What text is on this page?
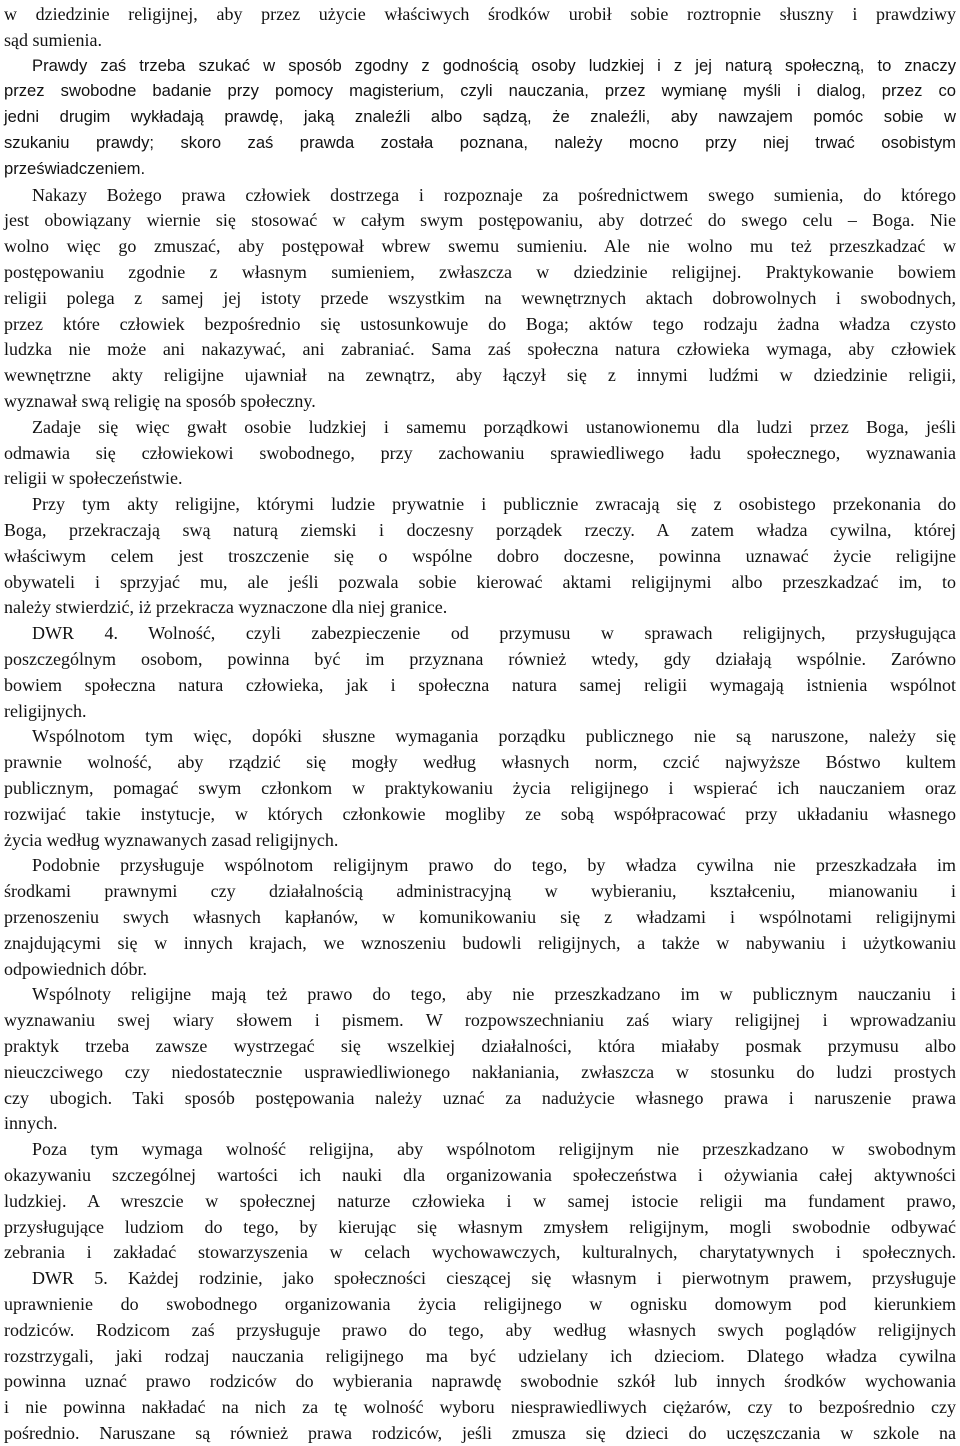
w dziedzinie religijnej, aby przez użycie właściwych środków urobił sobie roztropnie słuszny i prawdziwy
sąd sumienia.
Prawdy zaś trzeba szukać w sposób zgodny z godnością osoby ludzkiej i z jej naturą społeczną, to znaczy
przez swobodne badanie przy pomocy magisterium, czyli nauczania, przez wymianę myśli i dialog, przez co
jedni drugim wykładają prawdę, jaką znaleźli albo sądzą, że znaleźli, aby nawzajem pomóc sobie w
szukaniu prawdy; skoro zaś prawda została poznana, należy mocno przy niej trwać osobistym
przeświadczeniem.
Nakazy Bożego prawa człowiek dostrzega i rozpoznaje za pośrednictwem swego sumienia, do którego
jest obowiązany wiernie się stosować w całym swym postępowaniu, aby dotrzeć do swego celu – Boga. Nie
wolno więc go zmuszać, aby postępował wbrew swemu sumieniu. Ale nie wolno mu też przeszkadzać w
postępowaniu zgodnie z własnym sumieniem, zwłaszcza w dziedzinie religijnej. Praktykowanie bowiem
religii polega z samej jej istoty przede wszystkim na wewnętrznych aktach dobrowolnych i swobodnych,
przez które człowiek bezpośrednio się ustosunkowuje do Boga; aktów tego rodzaju żadna władza czysto
ludzka nie może ani nakazywać, ani zabraniać. Sama zaś społeczna natura człowieka wymaga, aby człowiek
wewnętrzne akty religijne ujawniał na zewnątrz, aby łączył się z innymi ludźmi w dziedzinie religii,
wyznawał swą religię na sposób społeczny.
Zadaje się więc gwałt osobie ludzkiej i samemu porządkowi ustanowionemu dla ludzi przez Boga, jeśli
odmawia się człowiekowi swobodnego, przy zachowaniu sprawiedliwego ładu społecznego, wyznawania
religii w społeczeństwie.
Przy tym akty religijne, którymi ludzie prywatnie i publicznie zwracają się z osobistego przekonania do
Boga, przekraczają swą naturą ziemski i doczesny porządek rzeczy. A zatem władza cywilna, której
właściwym celem jest troszczenie się o wspólne dobro doczesne, powinna uznawać życie religijne
obywateli i sprzyjać mu, ale jeśli pozwala sobie kierować aktami religijnymi albo przeszkadzać im, to
należy stwierdzić, iż przekracza wyznaczone dla niej granice.
DWR 4. Wolność, czyli zabezpieczenie od przymusu w sprawach religijnych, przysługująca
poszczególnym osobom, powinna być im przyznana również wtedy, gdy działają wspólnie. Zarówno
bowiem społeczna natura człowieka, jak i społeczna natura samej religii wymagają istnienia wspólnot
religijnych.
Wspólnotom tym więc, dopóki słuszne wymagania porządku publicznego nie są naruszone, należy się
prawnie wolność, aby rządzić się mogły według własnych norm, czcić najwyższe Bóstwo kultem
publicznym, pomagać swym członkom w praktykowaniu życia religijnego i wspierać ich nauczaniem oraz
rozwijać takie instytucje, w których członkowie mogliby ze sobą współpracować przy układaniu własnego
życia według wyznawanych zasad religijnych.
Podobnie przysługuje wspólnotom religijnym prawo do tego, by władza cywilna nie przeszkadzała im
środkami prawnymi czy działalnością administracyjną w wybieraniu, kształceniu, mianowaniu i
przenoszeniu swych własnych kapłanów, w komunikowaniu się z władzami i wspólnotami religijnymi
znajdującymi się w innych krajach, we wznoszeniu budowli religijnych, a także w nabywaniu i użytkowaniu
odpowiednich dóbr.
Wspólnoty religijne mają też prawo do tego, aby nie przeszkadzano im w publicznym nauczaniu i
wyznawaniu swej wiary słowem i pismem. W rozpowszechnianiu zaś wiary religijnej i wprowadzaniu
praktyk trzeba zawsze wystrzegać się wszelkiej działalności, która miałaby posmak przymusu albo
nieuczciwego czy niedostatecznie usprawiedliwionego nakłaniania, zwłaszcza w stosunku do ludzi prostych
czy ubogich. Taki sposób postępowania należy uznać za nadużycie własnego prawa i naruszenie prawa
innych.
Poza tym wymaga wolność religijna, aby wspólnotom religijnym nie przeszkadzano w swobodnym
okazywaniu szczególnej wartości ich nauki dla organizowania społeczeństwa i ożywiania całej aktywności
ludzkiej. A wreszcie w społecznej naturze człowieka i w samej istocie religii ma fundament prawo,
przysługujące ludziom do tego, by kierując się własnym zmysłem religijnym, mogli swobodnie odbywać
zebrania i zakładać stowarzyszenia w celach wychowawczych, kulturalnych, charytatywnych i społecznych.
DWR 5. Każdej rodzinie, jako społeczności cieszącej się własnym i pierwotnym prawem, przysługuje
uprawnienie do swobodnego organizowania życia religijnego w ognisku domowym pod kierunkiem
rodziców. Rodzicom zaś przysługuje prawo do tego, aby według własnych swych poglądów religijnych
rozstrzygali, jaki rodzaj nauczania religijnego ma być udzielany ich dzieciom. Dlatego władza cywilna
powinna uznać prawo rodziców do wybierania naprawdę swobodnie szkół lub innych środków wychowania
i nie powinna nakładać na nich za tę wolność wyboru niesprawiedliwych ciężarów, czy to bezpośrednio czy
pośrednio. Naruszane są również prawa rodziców, jeśli zmusza się dzieci do uczęszczania w szkole na
